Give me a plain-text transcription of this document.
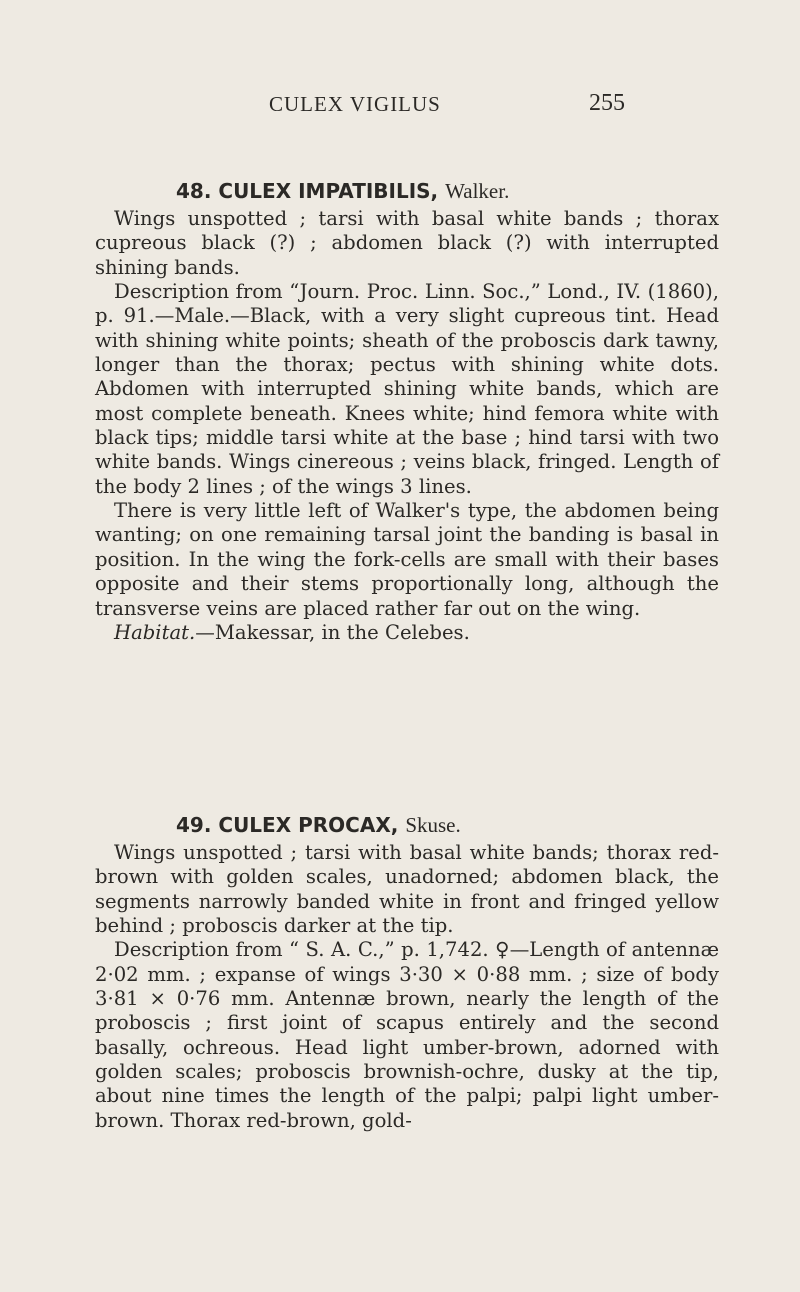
CULEX VIGILUS	255
48. CULEX IMPATIBILIS, Walker.

Wings unspotted ; tarsi with basal white bands ; thorax cupreous black (?) ; abdomen black (?) with interrupted shining bands.

Description from “Journ. Proc. Linn. Soc.,” Lond., IV. (1860), p. 91.—Male.—Black, with a very slight cupreous tint. Head with shining white points; sheath of the proboscis dark tawny, longer than the thorax; pectus with shining white dots. Abdomen with interrupted shining white bands, which are most complete beneath. Knees white; hind femora white with black tips; middle tarsi white at the base ; hind tarsi with two white bands. Wings cinereous ; veins black, fringed. Length of the body 2 lines ; of the wings 3 lines.

There is very little left of Walker's type, the abdomen being wanting; on one remaining tarsal joint the banding is basal in position. In the wing the fork-cells are small with their bases opposite and their stems proportionally long, although the transverse veins are placed rather far out on the wing.

Habitat.—Makessar, in the Celebes.

49. CULEX PROCAX, Skuse.

Wings unspotted ; tarsi with basal white bands; thorax red-brown with golden scales, unadorned; abdomen black, the segments narrowly banded white in front and fringed yellow behind ; proboscis darker at the tip.

Description from “ S. A. C.,” p. 1,742. ♀—Length of antennæ 2·02 mm. ; expanse of wings 3·30 × 0·88 mm. ; size of body 3·81 × 0·76 mm. Antennæ brown, nearly the length of the proboscis ; first joint of scapus entirely and the second basally, ochreous. Head light umber-brown, adorned with golden scales; proboscis brownish-ochre, dusky at the tip, about nine times the length of the palpi; palpi light umber-brown. Thorax red-brown, gold-
